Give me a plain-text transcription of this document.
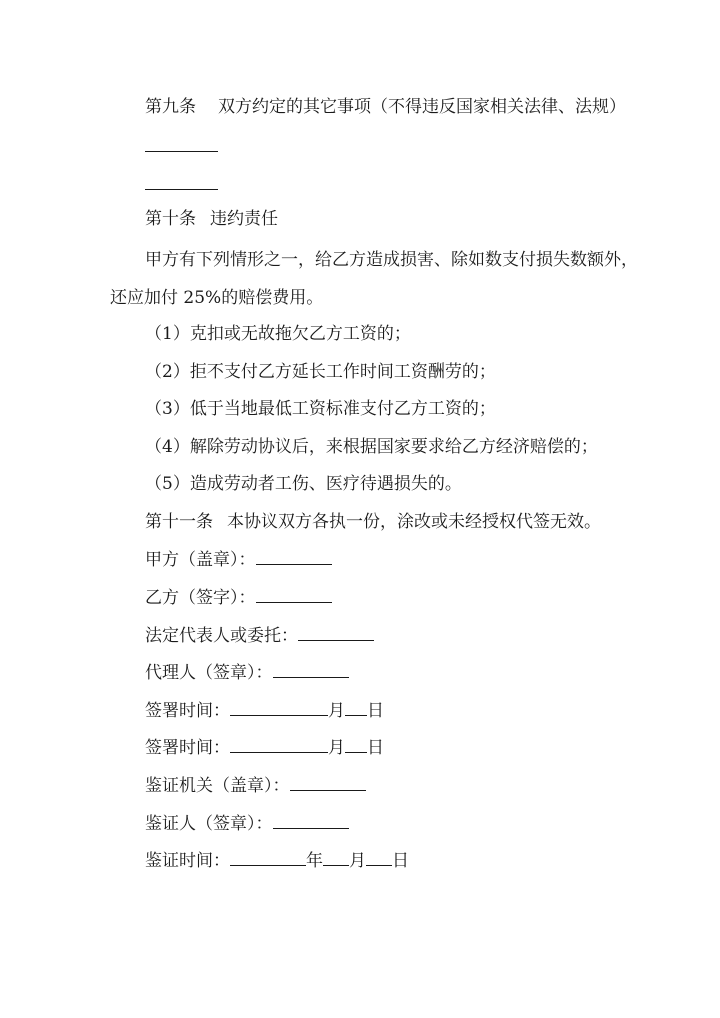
第九条 双方约定的其它事项（不得违反国家相关法律、法规）
第十条 违约责任
甲方有下列情形之一，给乙方造成损害、除如数支付损失数额外，
还应加付 25%的赔偿费用。
（1）克扣或无故拖欠乙方工资的；
（2）拒不支付乙方延长工作时间工资酬劳的；
（3）低于当地最低工资标准支付乙方工资的；
（4）解除劳动协议后，来根据国家要求给乙方经济赔偿的；
（5）造成劳动者工伤、医疗待遇损失的。
第十一条 本协议双方各执一份，涂改或未经授权代签无效。
甲方（盖章）：
乙方（签字）：
法定代表人或委托：
代理人（签章）：
签署时间：	月 日
签署时间：	月 日
鉴证机关（盖章）：
鉴证人（签章）：
鉴证时间：	年 月 日
